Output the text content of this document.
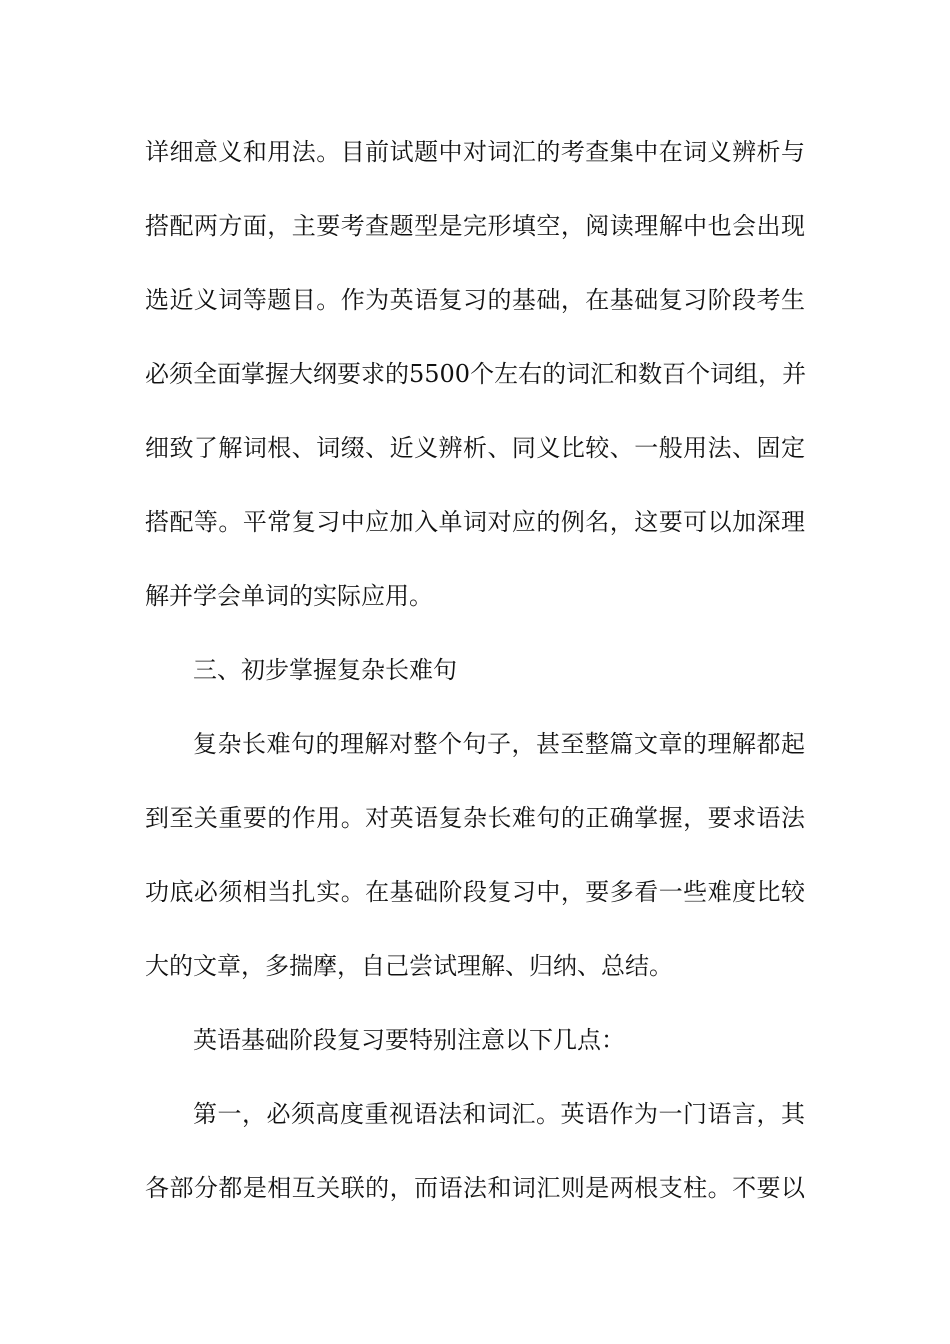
详细意义和用法。目前试题中对词汇的考查集中在词义辨析与

搭配两方面，主要考查题型是完形填空，阅读理解中也会出现

选近义词等题目。作为英语复习的基础，在基础复习阶段考生

必须全面掌握大纲要求的5500个左右的词汇和数百个词组，并

细致了解词根、词缀、近义辨析、同义比较、一般用法、固定

搭配等。平常复习中应加入单词对应的例名，这要可以加深理

解并学会单词的实际应用。

三、初步掌握复杂长难句

复杂长难句的理解对整个句子，甚至整篇文章的理解都起

到至关重要的作用。对英语复杂长难句的正确掌握，要求语法

功底必须相当扎实。在基础阶段复习中，要多看一些难度比较

大的文章，多揣摩，自己尝试理解、归纳、总结。

英语基础阶段复习要特别注意以下几点：

第一，必须高度重视语法和词汇。英语作为一门语言，其

各部分都是相互关联的，而语法和词汇则是两根支柱。不要以
